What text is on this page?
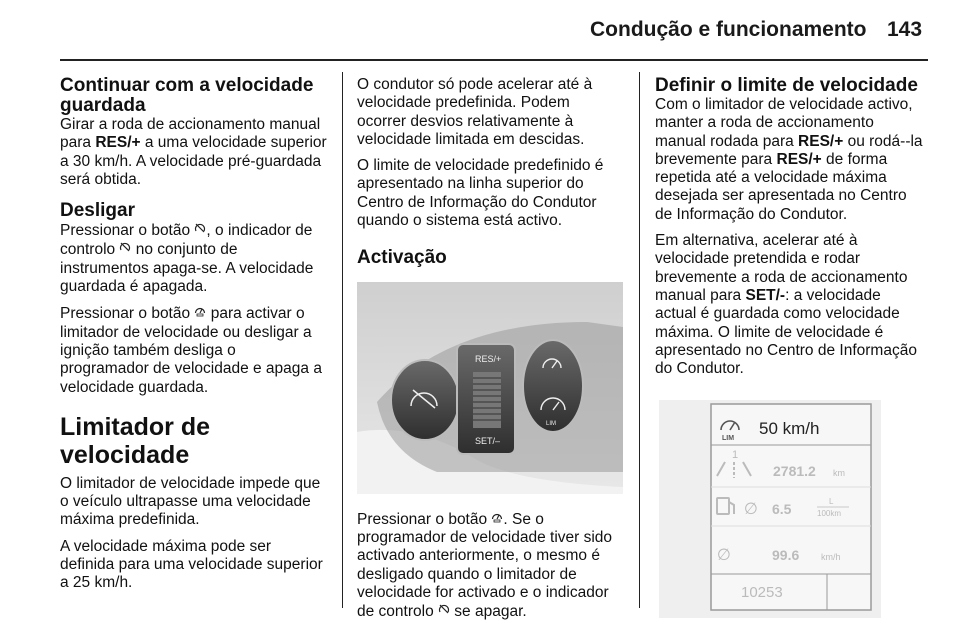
Condução e funcionamento 143
Continuar com a velocidade guardada
Girar a roda de accionamento manual para RES/+ a uma velocidade superior a 30 km/h. A velocidade pré-guardada será obtida.
Desligar
Pressionar o botão , o indicador de controlo  no conjunto de instrumentos apaga-se. A velocidade guardada é apagada.
Pressionar o botão  para activar o limitador de velocidade ou desligar a ignição também desliga o programador de velocidade e apaga a velocidade guardada.
Limitador de velocidade
O limitador de velocidade impede que o veículo ultrapasse uma velocidade máxima predefinida.
A velocidade máxima pode ser definida para uma velocidade superior a 25 km/h.
O condutor só pode acelerar até à velocidade predefinida. Podem ocorrer desvios relativamente à velocidade limitada em descidas.
O limite de velocidade predefinido é apresentado na linha superior do Centro de Informação do Condutor quando o sistema está activo.
Activação
RES/+
SET/–
LIM
Pressionar o botão . Se o programador de velocidade tiver sido activado anteriormente, o mesmo é desligado quando o limitador de velocidade for activado e o indicador de controlo  se apagar.
Definir o limite de velocidade
Com o limitador de velocidade activo, manter a roda de accionamento manual rodada para RES/+ ou rodá--la brevemente para RES/+ de forma repetida até a velocidade máxima desejada ser apresentada no Centro de Informação do Condutor.
Em alternativa, acelerar até à velocidade pretendida e rodar brevemente a roda de accionamento manual para SET/-: a velocidade actual é guardada como velocidade máxima. O limite de velocidade é apresentado no Centro de Informação do Condutor.
LIM
50 km/h
1
2781.2 km
∅ 6.5	L
100km
∅	99.6 km/h
10253
